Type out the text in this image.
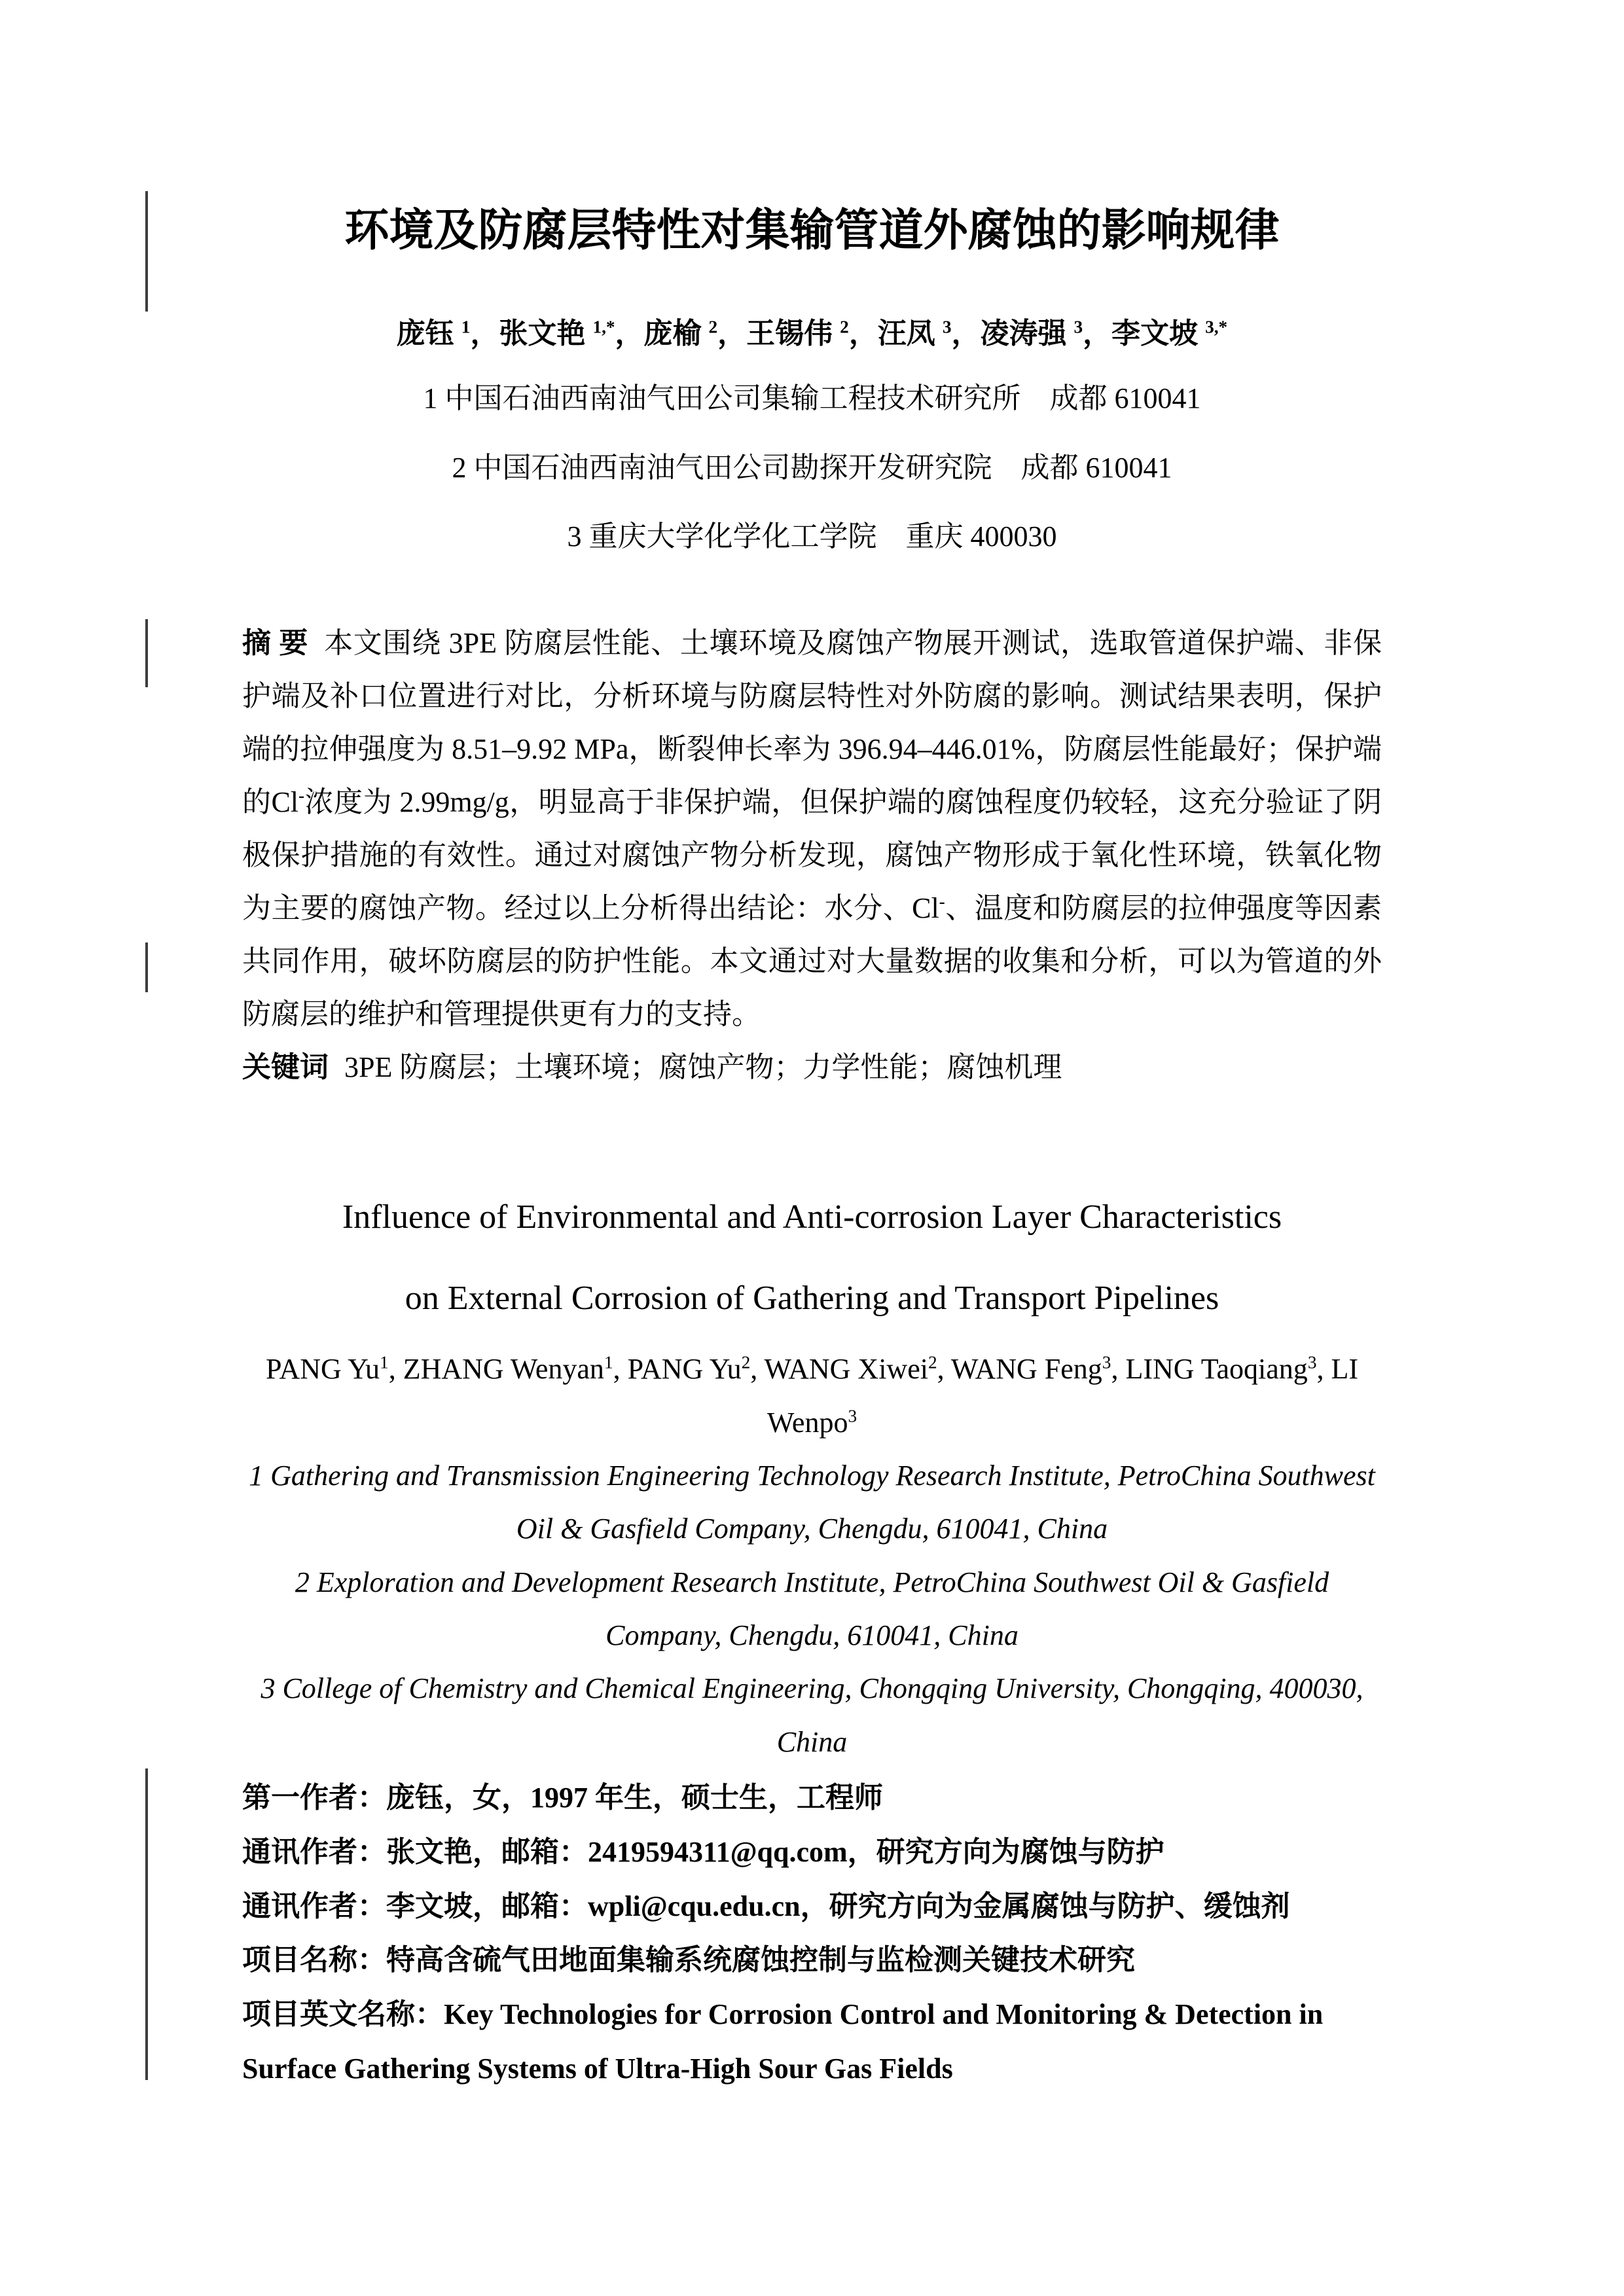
环境及防腐层特性对集输管道外腐蚀的影响规律
庞钰 $^1$，张文艳 $^{1,*}$，庞榆 $^2$，王锡伟 $^2$，汪凤 $^3$，凌涛强 $^3$，李文坡 $^{3,*}$
1 中国石油西南油气田公司集输工程技术研究所　成都 610041
2 中国石油西南油气田公司勘探开发研究院　成都 610041
3 重庆大学化学化工学院　重庆 400030

摘 要 本文围绕 3PE 防腐层性能、土壤环境及腐蚀产物展开测试，选取管道保护端、非保护端及补口位置进行对比，分析环境与防腐层特性对外防腐的影响。测试结果表明，保护端的拉伸强度为 8.51–9.92 MPa，断裂伸长率为 396.94–446.01%，防腐层性能最好；保护端的Cl-浓度为 2.99mg/g，明显高于非保护端，但保护端的腐蚀程度仍较轻，这充分验证了阴极保护措施的有效性。通过对腐蚀产物分析发现，腐蚀产物形成于氧化性环境，铁氧化物为主要的腐蚀产物。经过以上分析得出结论：水分、Cl-、温度和防腐层的拉伸强度等因素共同作用，破坏防腐层的防护性能。本文通过对大量数据的收集和分析，可以为管道的外防腐层的维护和管理提供更有力的支持。

关键词 3PE 防腐层；土壤环境；腐蚀产物；力学性能；腐蚀机理

Influence of Environmental and Anti-corrosion Layer Characteristics
on External Corrosion of Gathering and Transport Pipelines
PANG Yu$^1$, ZHANG Wenyan$^1$, PANG Yu$^2$, WANG Xiwei$^2$, WANG Feng$^3$, LING Taoqiang$^3$, LI
Wenpo$^3$
1 Gathering and Transmission Engineering Technology Research Institute, PetroChina Southwest Oil & Gasfield Company, Chengdu, 610041, China
2 Exploration and Development Research Institute, PetroChina Southwest Oil & Gasfield Company, Chengdu, 610041, China
3 College of Chemistry and Chemical Engineering, Chongqing University, Chongqing, 400030, China
第一作者：庞钰，女，1997 年生，硕士生，工程师
通讯作者：张文艳，邮箱：2419594311@qq.com，研究方向为腐蚀与防护
通讯作者：李文坡，邮箱：wpli@cqu.edu.cn，研究方向为金属腐蚀与防护、缓蚀剂
项目名称：特高含硫气田地面集输系统腐蚀控制与监检测关键技术研究
项目英文名称：Key Technologies for Corrosion Control and Monitoring & Detection in Surface Gathering Systems of Ultra-High Sour Gas Fields
